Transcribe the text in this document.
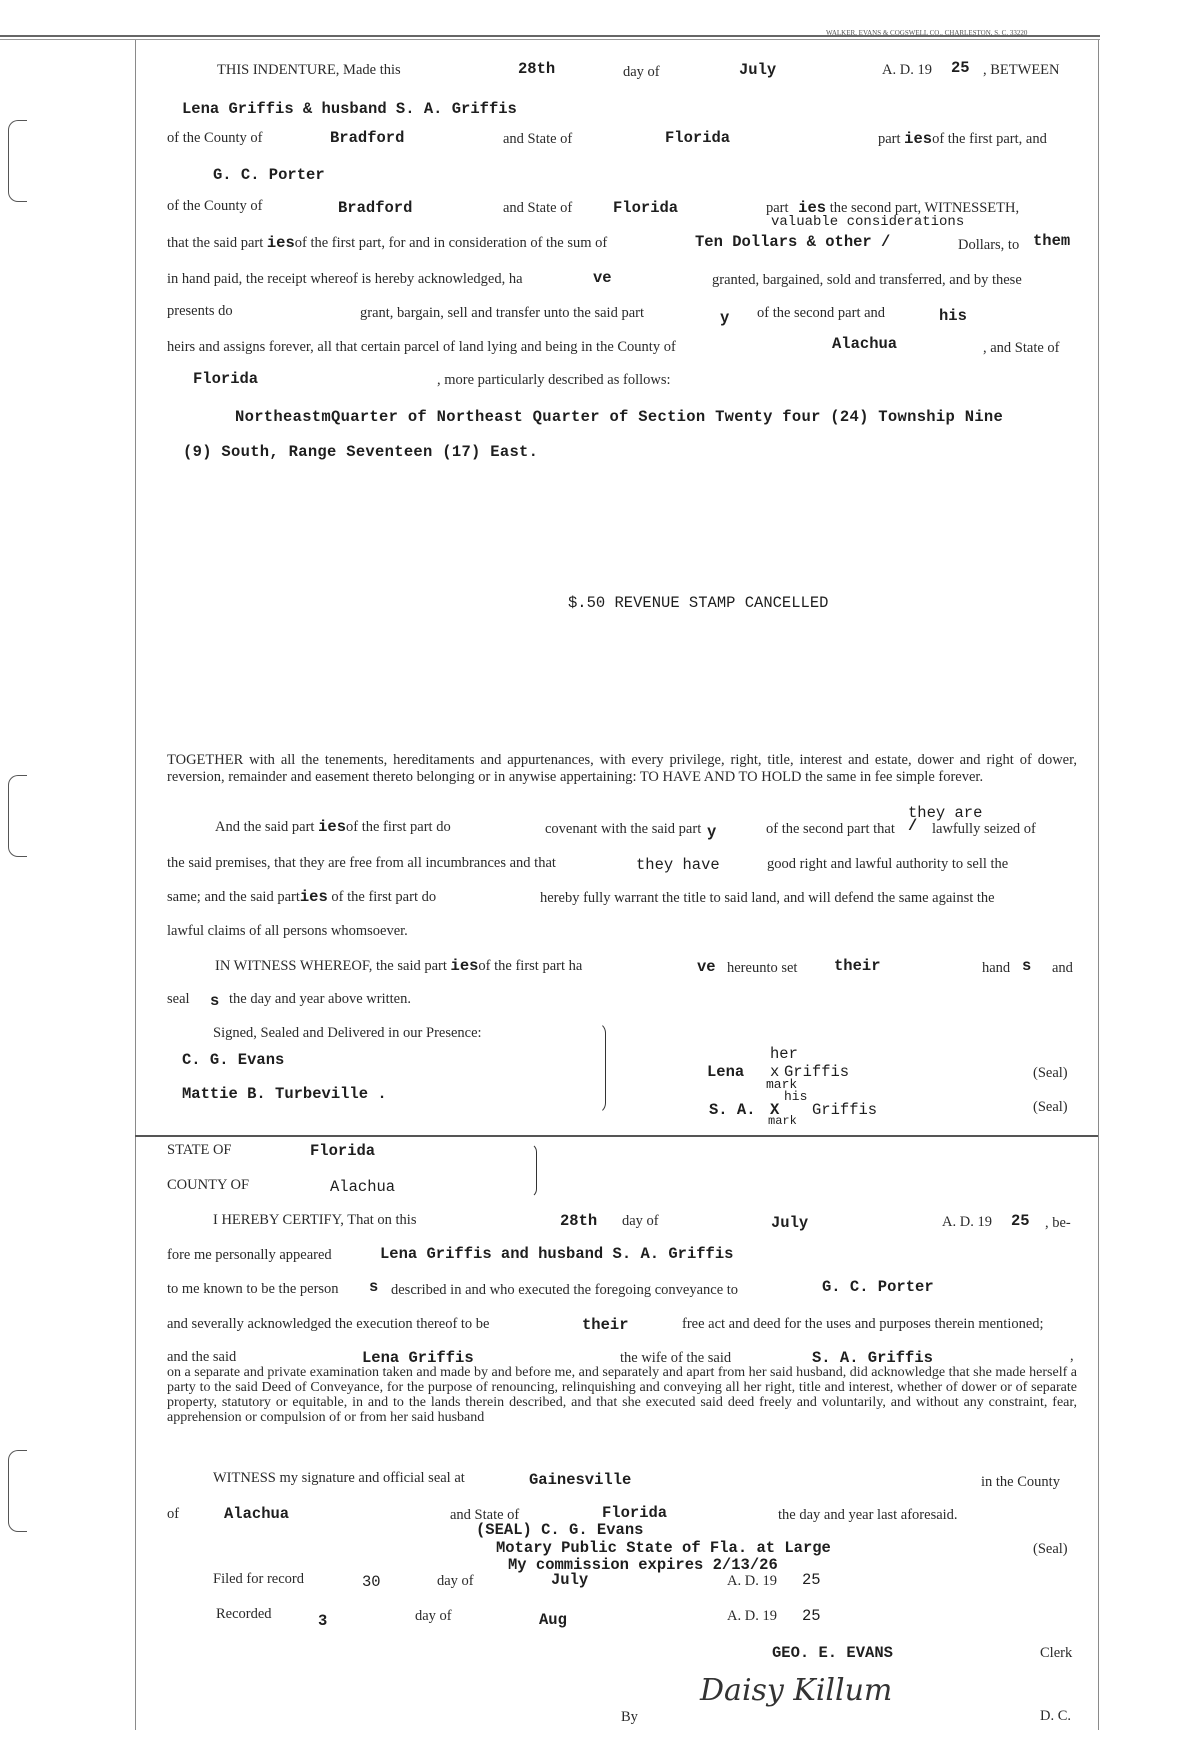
WALKER, EVANS & COGSWELL CO., CHARLESTON, S. C. 33220
THIS INDENTURE, Made this	28th	day of	July	A. D. 19 25 , BETWEEN
Lena Griffis & husband S. A. Griffis
of the County of	Bradford	and State of	Florida	part iesof the first part, and
G. C. Porter
of the County of	Bradford	and State of	Florida	part ies the second part, WITNESSETH,
valuable considerations
that the said part iesof the first part, for and in consideration of the sum of	Ten Dollars & other /	Dollars, to them
in hand paid, the receipt whereof is hereby acknowledged, ha	ve	granted, bargained, sold and transferred, and by these
presents do	grant, bargain, sell and transfer unto the said part	y of the second part and	his
heirs and assigns forever, all that certain parcel of land lying and being in the County of	Alachua	, and State of
Florida	, more particularly described as follows:
NortheastmQuarter of Northeast Quarter of Section Twenty four (24) Township Nine
(9) South, Range Seventeen (17) East.
$.50 REVENUE STAMP CANCELLED
TOGETHER with all the tenements, hereditaments and appurtenances, with every privilege, right, title, interest and estate, dower and right of dower, reversion, remainder and easement thereto belonging or in anywise appertaining: TO HAVE AND TO HOLD the same in fee simple forever.
they are
And the said part iesof the first part do	covenant with the said part y	of the second part that / lawfully seized of
the said premises, that they are free from all incumbrances and that	they have	good right and lawful authority to sell the
same; and the said parties of the first part do	hereby fully warrant the title to said land, and will defend the same against the
lawful claims of all persons whomsoever.
IN WITNESS WHEREOF, the said part iesof the first part ha	ve hereunto set their	hand s and
seal s the day and year above written.
Signed, Sealed and Delivered in our Presence:
C. G. Evans
Mattie B. Turbeville .
her
Lena x
mark
Griffis	(Seal)
his
S. A. X
mark
Griffis	(Seal)
STATE OF	Florida
COUNTY OF	Alachua
I HEREBY CERTIFY, That on this	28th day of	July	A. D. 19 25 , be-
fore me personally appeared	Lena Griffis and husband S. A. Griffis
to me known to be the person s described in and who executed the foregoing conveyance to	G. C. Porter
and severally acknowledged the execution thereof to be	their	free act and deed for the uses and purposes therein mentioned;
and the said	Lena Griffis	the wife of the said	S. A. Griffis	,
on a separate and private examination taken and made by and before me, and separately and apart from her said husband, did acknowledge that she made herself a party to the said Deed of Conveyance, for the purpose of renouncing, relinquishing and conveying all her right, title and interest, whether of dower or of separate property, statutory or equitable, in and to the lands therein described, and that she executed said deed freely and voluntarily, and without any constraint, fear, apprehension or compulsion of or from her said husband
WITNESS my signature and official seal at	Gainesville	in the County
of	Alachua	and State of	Florida	the day and year last aforesaid.
(SEAL) C. G. Evans
Motary Public State of Fla. at Large
My commission expires 2/13/26
(Seal)
Filed for record	30	day of	July	A. D. 19 25
Recorded	3	day of	Aug	A. D. 19 25
GEO. E. EVANS	Clerk
By
Daisy Killum
D. C.
